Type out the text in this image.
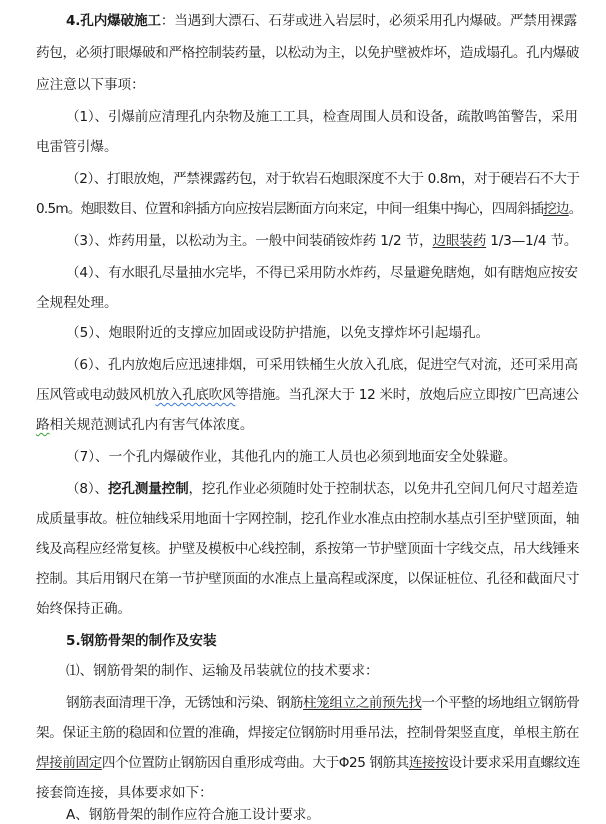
4.孔内爆破施工：当遇到大漂石、石芽或进入岩层时，必须采用孔内爆破。严禁用裸露
药包，必须打眼爆破和严格控制装药量，以松动为主，以免护壁被炸坏，造成塌孔。孔内爆破
应注意以下事项：
（1）、引爆前应清理孔内杂物及施工工具，检查周围人员和设备，疏散鸣笛警告，采用
电雷管引爆。
（2）、打眼放炮，严禁裸露药包，对于软岩石炮眼深度不大于 0.8m，对于硬岩石不大于
0.5m。炮眼数目、位置和斜插方向应按岩层断面方向来定，中间一组集中掏心，四周斜插挖边。
（3）、炸药用量，以松动为主。一般中间装硝铵炸药 1/2 节，边眼装药 1/3—1/4 节。
（4）、有水眼孔尽量抽水完毕，不得已采用防水炸药，尽量避免瞎炮，如有瞎炮应按安
全规程处理。
（5）、炮眼附近的支撑应加固或设防护措施，以免支撑炸坏引起塌孔。
（6）、孔内放炮后应迅速排烟，可采用铁桶生火放入孔底，促进空气对流，还可采用高
压风管或电动鼓风机放入孔底吹风等措施。当孔深大于 12 米时，放炮后应立即按广巴高速公
路相关规范测试孔内有害气体浓度。
（7）、一个孔内爆破作业，其他孔内的施工人员也必须到地面安全处躲避。
（8）、挖孔测量控制，挖孔作业必须随时处于控制状态，以免井孔空间几何尺寸超差造
成质量事故。桩位轴线采用地面十字网控制，挖孔作业水准点由控制水基点引至护壁顶面，轴
线及高程应经常复核。护壁及模板中心线控制，系按第一节护壁顶面十字线交点，吊大线锤来
控制。其后用钢尺在第一节护壁顶面的水准点上量高程或深度，以保证桩位、孔径和截面尺寸
始终保持正确。
5.钢筋骨架的制作及安装
⑴、钢筋骨架的制作、运输及吊装就位的技术要求：
钢筋表面清理干净，无锈蚀和污染、钢筋柱笼组立之前预先找一个平整的场地组立钢筋骨
架。保证主筋的稳固和位置的准确，焊接定位钢筋时用垂吊法，控制骨架竖直度，单根主筋在
焊接前固定四个位置防止钢筋因自重形成弯曲。大于Φ25 钢筋其连接按设计要求采用直螺纹连
接套筒连接，具体要求如下：
A、钢筋骨架的制作应符合施工设计要求。
